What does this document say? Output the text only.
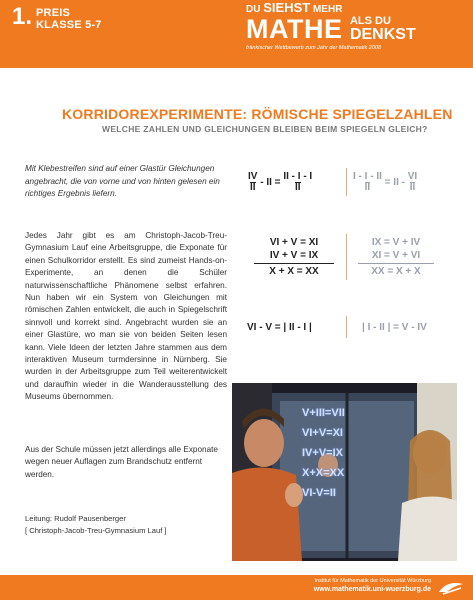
1. PREIS
KLASSE 5-7
DU SIEHST MEHR
MATHE ALS DU
DENKST
fränkischer Wettbewerb zum Jahr der Mathematik 2008
KORRIDOREXPERIMENTE: RÖMISCHE SPIEGELZAHLEN
WELCHE ZAHLEN UND GLEICHUNGEN BLEIBEN BEIM SPIEGELN GLEICH?
Mit Klebestreifen sind auf einer Glastür Gleichungen angebracht, die von vorne und von hinten gelesen ein richtiges Ergebnis liefern.
Jedes Jahr gibt es am Christoph-Jacob-Treu-Gymnasium Lauf eine Arbeitsgruppe, die Exponate für einen Schulkorridor erstellt. Es sind zumeist Hands-on-Experimente, an denen die Schüler naturwissenschaftliche Phänomene selbst erfahren. Nun haben wir ein System von Gleichungen mit römischen Zahlen entwickelt, die auch in Spiegelschrift sinnvoll und korrekt sind. Angebracht wurden sie an einer Glastüre, wo man sie von beiden Seiten lesen kann. Viele Ideen der letzten Jahre stammen aus dem interaktiven Museum turmdersinne in Nürnberg. Sie wurden in der Arbeitsgruppe zum Teil weiterentwickelt und daraufhin wieder in die Wanderausstellung des Museums übernommen.
Aus der Schule müssen jetzt allerdings alle Exponate wegen neuer Auflagen zum Brandschutz entfernt werden.
Leitung: Rudolf Pausenberger
[ Christoph-Jacob-Treu-Gymnasium Lauf ]
$\frac{IV}{II}$ - II = $\frac{II - I - I}{II}$	$\frac{I - I - II}{II}$ = II - $\frac{VI}{II}$
VI + V = XI
IV + V = IX
X + X = XX
IX = V + IV
XI = V + VI
XX = X + X
VI - V = | II - I |	| I - II | = V - IV
V+III=VII
VI+V=XI
IV+V=IX
X+X=XX
VI-V=II
Institut für Mathematik der Universität Würzburg
www.mathematik.uni-wuerzburg.de
